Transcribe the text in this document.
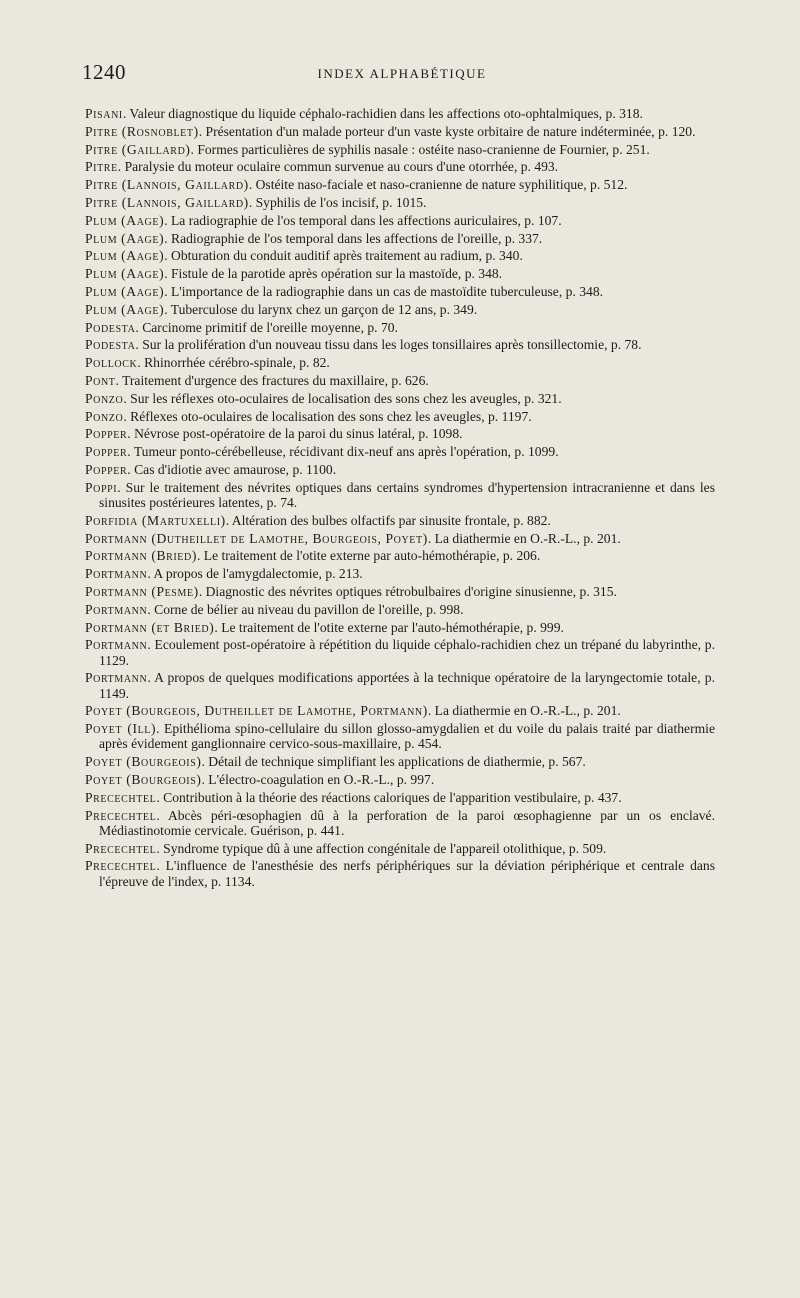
1240	INDEX ALPHABÉTIQUE

Pisani. Valeur diagnostique du liquide céphalo-rachidien dans les affections oto-ophtalmiques, p. 318.

Pitre (Rosnoblet). Présentation d'un malade porteur d'un vaste kyste orbitaire de nature indéterminée, p. 120.

Pitre (Gaillard). Formes particulières de syphilis nasale : ostéite naso-cranienne de Fournier, p. 251.

Pitre. Paralysie du moteur oculaire commun survenue au cours d'une otorrhée, p. 493.

Pitre (Lannois, Gaillard). Ostéite naso-faciale et naso-cranienne de nature syphilitique, p. 512.

Pitre (Lannois, Gaillard). Syphilis de l'os incisif, p. 1015.

Plum (Aage). La radiographie de l'os temporal dans les affections auriculaires, p. 107.

Plum (Aage). Radiographie de l'os temporal dans les affections de l'oreille, p. 337.

Plum (Aage). Obturation du conduit auditif après traitement au radium, p. 340.

Plum (Aage). Fistule de la parotide après opération sur la mastoïde, p. 348.

Plum (Aage). L'importance de la radiographie dans un cas de mastoïdite tuberculeuse, p. 348.

Plum (Aage). Tuberculose du larynx chez un garçon de 12 ans, p. 349.

Podesta. Carcinome primitif de l'oreille moyenne, p. 70.

Podesta. Sur la prolifération d'un nouveau tissu dans les loges tonsillaires après tonsillectomie, p. 78.

Pollock. Rhinorrhée cérébro-spinale, p. 82.

Pont. Traitement d'urgence des fractures du maxillaire, p. 626.

Ponzo. Sur les réflexes oto-oculaires de localisation des sons chez les aveugles, p. 321.

Ponzo. Réflexes oto-oculaires de localisation des sons chez les aveugles, p. 1197.

Popper. Névrose post-opératoire de la paroi du sinus latéral, p. 1098.

Popper. Tumeur ponto-cérébelleuse, récidivant dix-neuf ans après l'opération, p. 1099.

Popper. Cas d'idiotie avec amaurose, p. 1100.

Poppi. Sur le traitement des névrites optiques dans certains syndromes d'hypertension intracranienne et dans les sinusites postérieures latentes, p. 74.

Porfidia (Martuxelli). Altération des bulbes olfactifs par sinusite frontale, p. 882.

Portmann (Dutheillet de Lamothe, Bourgeois, Poyet). La diathermie en O.-R.-L., p. 201.

Portmann (Bried). Le traitement de l'otite externe par auto-hémothérapie, p. 206.

Portmann. A propos de l'amygdalectomie, p. 213.

Portmann (Pesme). Diagnostic des névrites optiques rétrobulbaires d'origine sinusienne, p. 315.

Portmann. Corne de bélier au niveau du pavillon de l'oreille, p. 998.

Portmann (et Bried). Le traitement de l'otite externe par l'auto-hémothérapie, p. 999.

Portmann. Ecoulement post-opératoire à répétition du liquide céphalo-rachidien chez un trépané du labyrinthe, p. 1129.

Portmann. A propos de quelques modifications apportées à la technique opératoire de la laryngectomie totale, p. 1149.

Poyet (Bourgeois, Dutheillet de Lamothe, Portmann). La diathermie en O.-R.-L., p. 201.

Poyet (Ill). Epithélioma spino-cellulaire du sillon glosso-amygdalien et du voile du palais traité par diathermie après évidement ganglionnaire cervico-sous-maxillaire, p. 454.

Poyet (Bourgeois). Détail de technique simplifiant les applications de diathermie, p. 567.

Poyet (Bourgeois). L'électro-coagulation en O.-R.-L., p. 997.

Precechtel. Contribution à la théorie des réactions caloriques de l'apparition vestibulaire, p. 437.

Precechtel. Abcès péri-œsophagien dû à la perforation de la paroi œsophagienne par un os enclavé. Médiastinotomie cervicale. Guérison, p. 441.

Precechtel. Syndrome typique dû à une affection congénitale de l'appareil otolithique, p. 509.

Precechtel. L'influence de l'anesthésie des nerfs périphériques sur la déviation périphérique et centrale dans l'épreuve de l'index, p. 1134.
